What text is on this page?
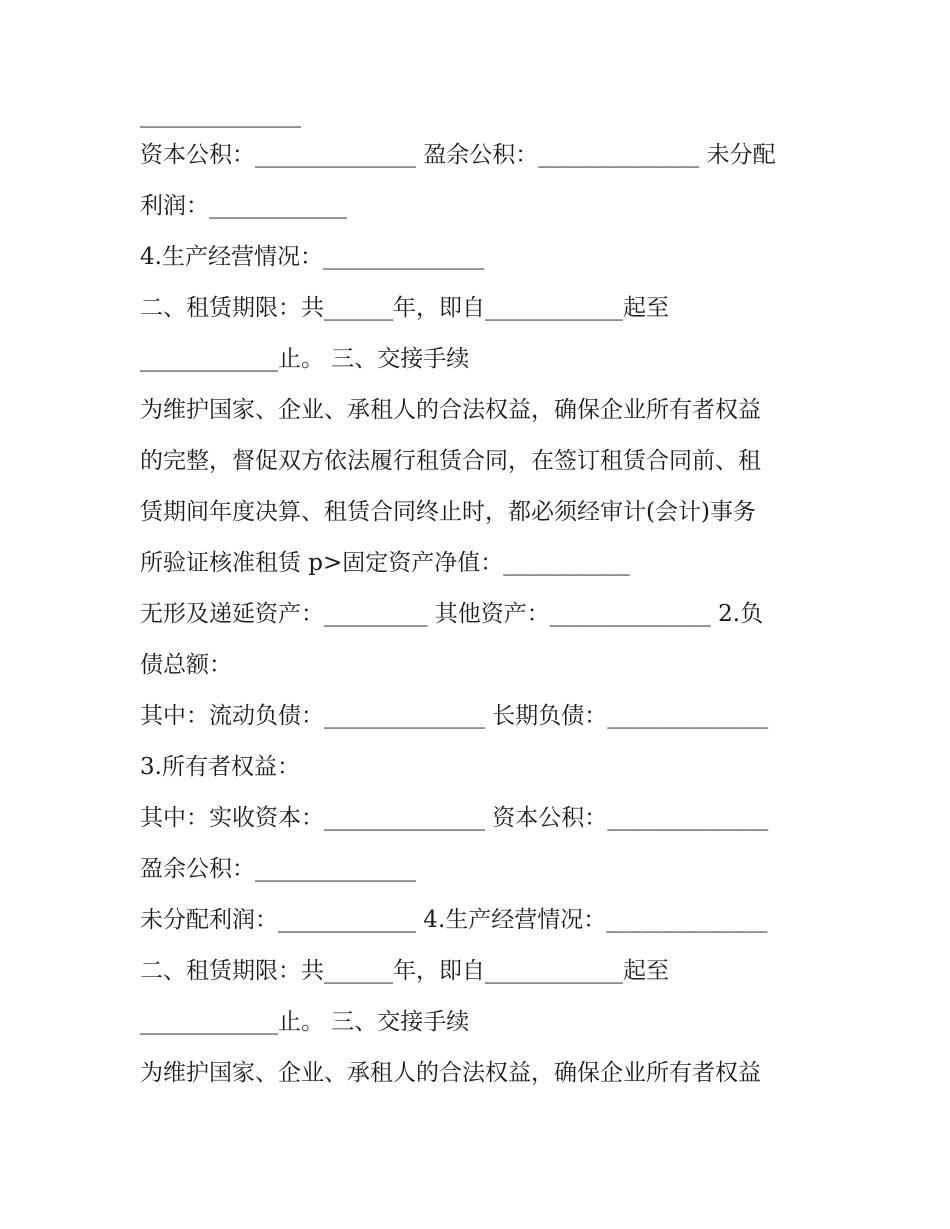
______________
资本公积：______________ 盈余公积：______________ 未分配
利润：____________
4.生产经营情况：______________
二、租赁期限：共______年，即自____________起至
____________止。 三、交接手续
为维护国家、企业、承租人的合法权益，确保企业所有者权益
的完整，督促双方依法履行租赁合同，在签订租赁合同前、租
赁期间年度决算、租赁合同终止时，都必须经审计(会计)事务
所验证核准租赁 p>固定资产净值：___________
无形及递延资产：_________ 其他资产：______________ 2.负
债总额：
其中：流动负债：______________ 长期负债：______________
3.所有者权益：
其中：实收资本：______________ 资本公积：______________
盈余公积：______________
未分配利润：____________ 4.生产经营情况：______________
二、租赁期限：共______年，即自____________起至
____________止。 三、交接手续
为维护国家、企业、承租人的合法权益，确保企业所有者权益
